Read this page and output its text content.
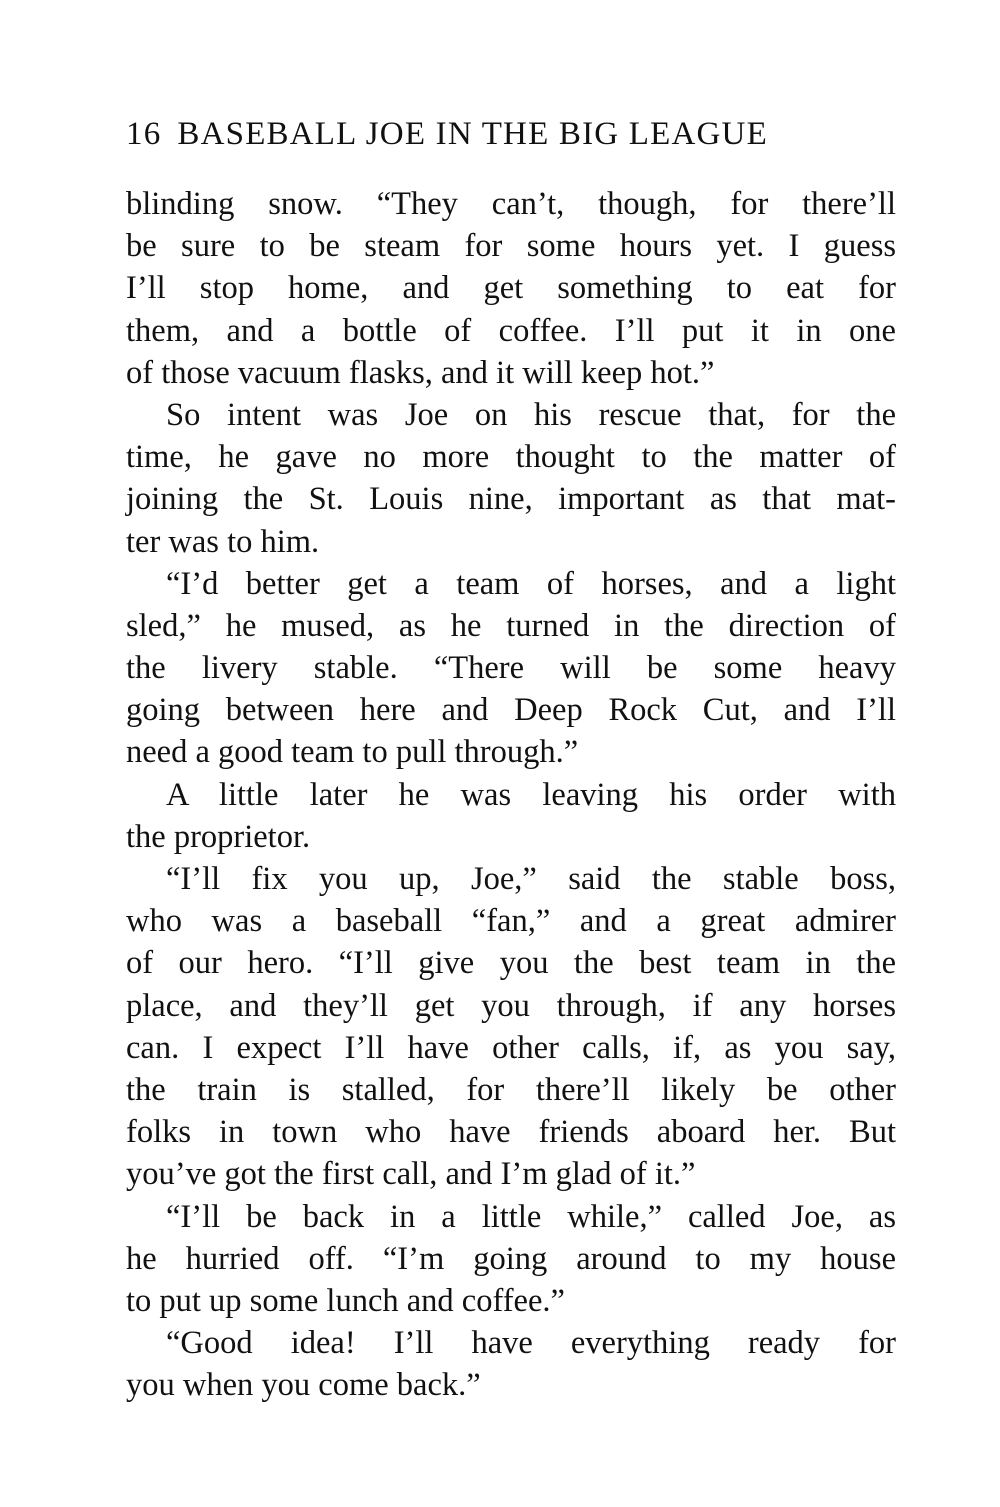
16 BASEBALL JOE IN THE BIG LEAGUE
blinding snow. “They can’t, though, for there’ll
be sure to be steam for some hours yet. I guess
I’ll stop home, and get something to eat for
them, and a bottle of coffee. I’ll put it in one
of those vacuum flasks, and it will keep hot.”
So intent was Joe on his rescue that, for the
time, he gave no more thought to the matter of
joining the St. Louis nine, important as that mat-
ter was to him.
“I’d better get a team of horses, and a light
sled,” he mused, as he turned in the direction of
the livery stable. “There will be some heavy
going between here and Deep Rock Cut, and I’ll
need a good team to pull through.”
A little later he was leaving his order with
the proprietor.
“I’ll fix you up, Joe,” said the stable boss,
who was a baseball “fan,” and a great admirer
of our hero. “I’ll give you the best team in the
place, and they’ll get you through, if any horses
can. I expect I’ll have other calls, if, as you say,
the train is stalled, for there’ll likely be other
folks in town who have friends aboard her. But
you’ve got the first call, and I’m glad of it.”
“I’ll be back in a little while,” called Joe, as
he hurried off. “I’m going around to my house
to put up some lunch and coffee.”
“Good idea! I’ll have everything ready for
you when you come back.”
